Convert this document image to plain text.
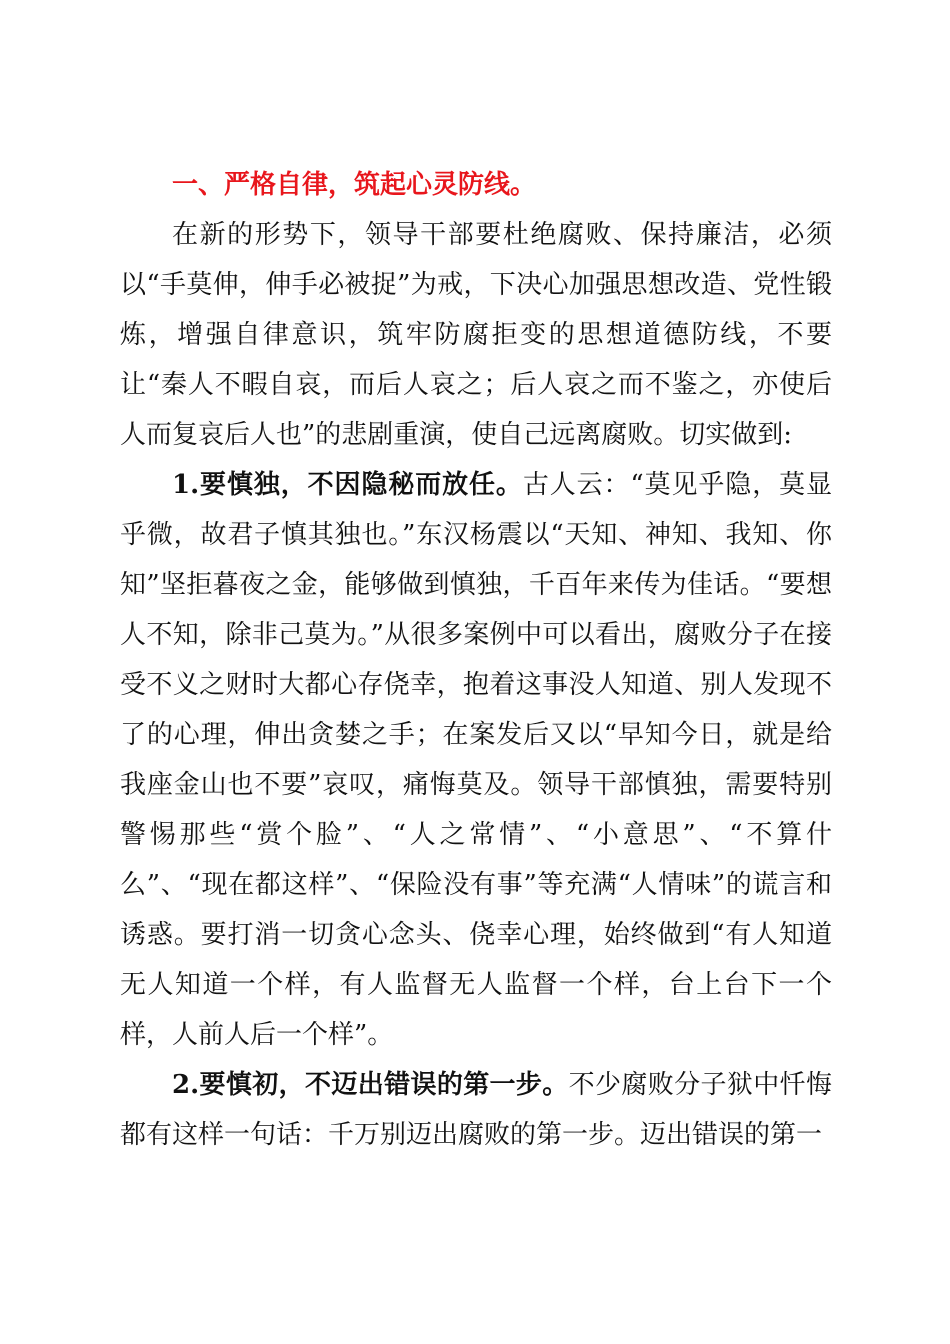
一、严格自律，筑起心灵防线。

在新的形势下，领导干部要杜绝腐败、保持廉洁，必须以“手莫伸，伸手必被捉”为戒，下决心加强思想改造、党性锻炼，增强自律意识，筑牢防腐拒变的思想道德防线，不要让“秦人不暇自哀，而后人哀之；后人哀之而不鉴之，亦使后人而复哀后人也”的悲剧重演，使自己远离腐败。切实做到:

1.要慎独，不因隐秘而放任。古人云：“莫见乎隐，莫显乎微，故君子慎其独也。”东汉杨震以“天知、神知、我知、你知”坚拒暮夜之金，能够做到慎独，千百年来传为佳话。“要想人不知，除非己莫为。”从很多案例中可以看出，腐败分子在接受不义之财时大都心存侥幸，抱着这事没人知道、别人发现不了的心理，伸出贪婪之手；在案发后又以“早知今日，就是给我座金山也不要”哀叹，痛悔莫及。领导干部慎独，需要特别警惕那些“赏个脸”、“人之常情”、“小意思”、“不算什么”、“现在都这样”、“保险没有事”等充满“人情味”的谎言和诱惑。要打消一切贪心念头、侥幸心理，始终做到“有人知道无人知道一个样，有人监督无人监督一个样，台上台下一个样，人前人后一个样”。

2.要慎初，不迈出错误的第一步。不少腐败分子狱中忏悔都有这样一句话：千万别迈出腐败的第一步。迈出错误的第一
